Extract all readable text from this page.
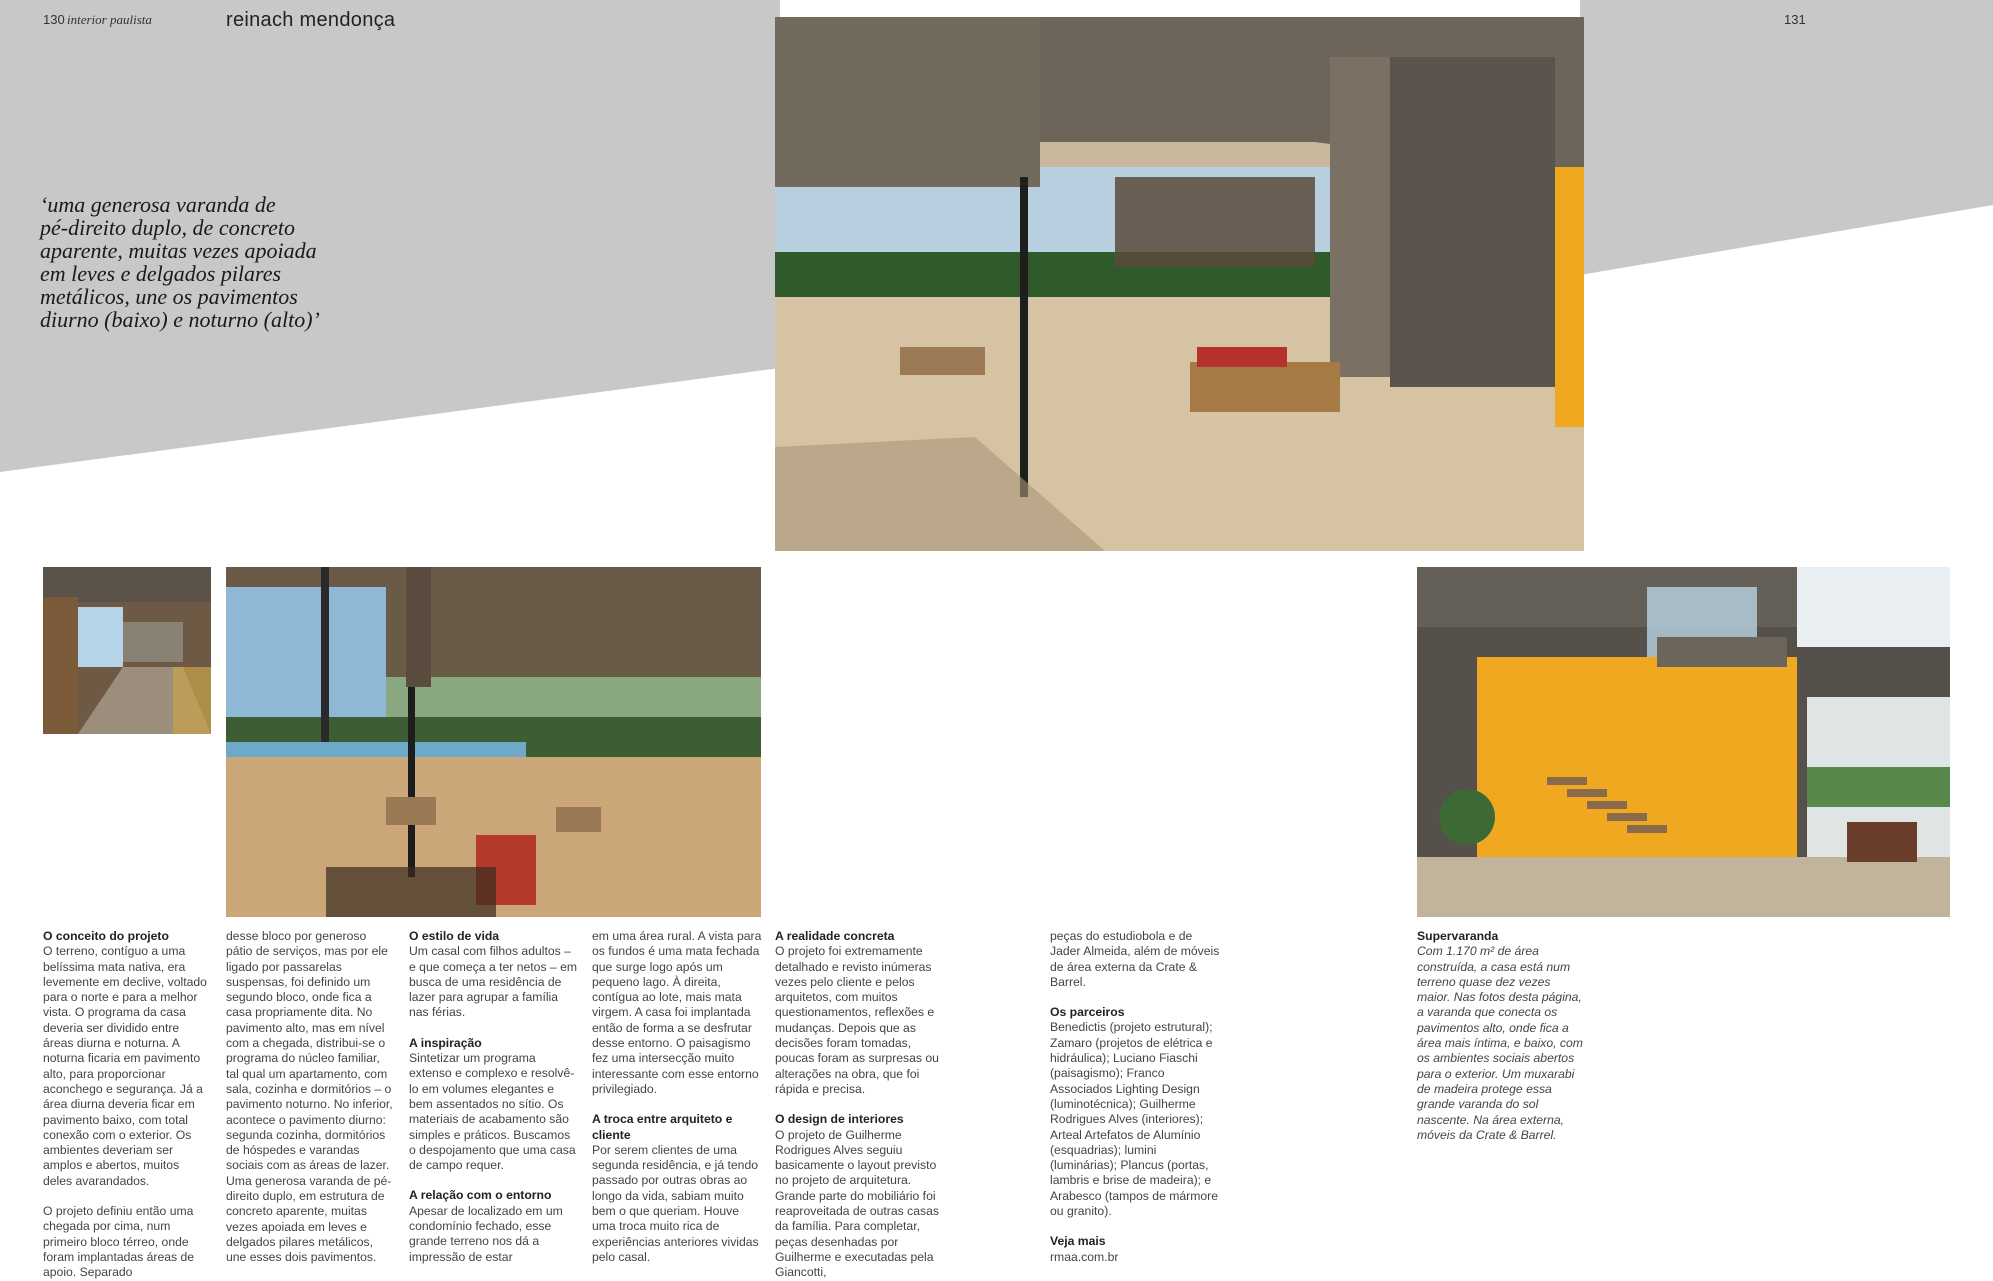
130 interior paulista	reinach mendonça	131
‘uma generosa varanda de
pé-direito duplo, de concreto
aparente, muitas vezes apoiada
em leves e delgados pilares
metálicos, une os pavimentos
diurno (baixo) e noturno (alto)’
O conceito do projeto

O terreno, contíguo a uma belíssima mata nativa, era levemente em declive, voltado para o norte e para a melhor vista. O programa da casa deveria ser dividido entre áreas diurna e noturna. A noturna ficaria em pavimento alto, para proporcionar aconchego e segurança. Já a área diurna deveria ficar em pavimento baixo, com total conexão com o exterior. Os ambientes deveriam ser amplos e abertos, muitos deles avarandados.

O projeto definiu então uma chegada por cima, num primeiro bloco térreo, onde foram implantadas áreas de apoio. Separado

desse bloco por generoso pátio de serviços, mas por ele ligado por passarelas suspensas, foi definido um segundo bloco, onde fica a casa propriamente dita. No pavimento alto, mas em nível com a chegada, distribui-se o programa do núcleo familiar, tal qual um apartamento, com sala, cozinha e dormitórios – o pavimento noturno. No inferior, acontece o pavimento diurno: segunda cozinha, dormitórios de hóspedes e varandas sociais com as áreas de lazer. Uma generosa varanda de pé-direito duplo, em estrutura de concreto aparente, muitas vezes apoiada em leves e delgados pilares metálicos, une esses dois pavimentos.

O estilo de vida

Um casal com filhos adultos – e que começa a ter netos – em busca de uma residência de lazer para agrupar a família nas férias.

A inspiração

Sintetizar um programa extenso e complexo e resolvê-lo em volumes elegantes e bem assentados no sítio. Os materiais de acabamento são simples e práticos. Buscamos o despojamento que uma casa de campo requer.

A relação com o entorno

Apesar de localizado em um condomínio fechado, esse grande terreno nos dá a impressão de estar

em uma área rural. A vista para os fundos é uma mata fechada que surge logo após um pequeno lago. À direita, contígua ao lote, mais mata virgem. A casa foi implantada então de forma a se desfrutar desse entorno. O paisagismo fez uma intersecção muito interessante com esse entorno privilegiado.

A troca entre arquiteto e cliente

Por serem clientes de uma segunda residência, e já tendo passado por outras obras ao longo da vida, sabiam muito bem o que queriam. Houve uma troca muito rica de experiências anteriores vividas pelo casal.

A realidade concreta

O projeto foi extremamente detalhado e revisto inúmeras vezes pelo cliente e pelos arquitetos, com muitos questionamentos, reflexões e mudanças. Depois que as decisões foram tomadas, poucas foram as surpresas ou alterações na obra, que foi rápida e precisa.

O design de interiores

O projeto de Guilherme Rodrigues Alves seguiu basicamente o layout previsto no projeto de arquitetura. Grande parte do mobiliário foi reaproveitada de outras casas da família. Para completar, peças desenhadas por Guilherme e executadas pela Giancotti,

peças do estudiobola e de Jader Almeida, além de móveis de área externa da Crate & Barrel.

Os parceiros

Benedictis (projeto estrutural); Zamaro (projetos de elétrica e hidráulica); Luciano Fiaschi (paisagismo); Franco Associados Lighting Design (luminotécnica); Guilherme Rodrigues Alves (interiores); Arteal Artefatos de Alumínio (esquadrias); lumini (luminárias); Plancus (portas, lambris e brise de madeira); e Arabesco (tampos de mármore ou granito).

Veja mais

rmaa.com.br

Supervaranda

Com 1.170 m² de área construída, a casa está num terreno quase dez vezes maior. Nas fotos desta página, a varanda que conecta os pavimentos alto, onde fica a área mais íntima, e baixo, com os ambientes sociais abertos para o exterior. Um muxarabi de madeira protege essa grande varanda do sol nascente. Na área externa, móveis da Crate & Barrel.
